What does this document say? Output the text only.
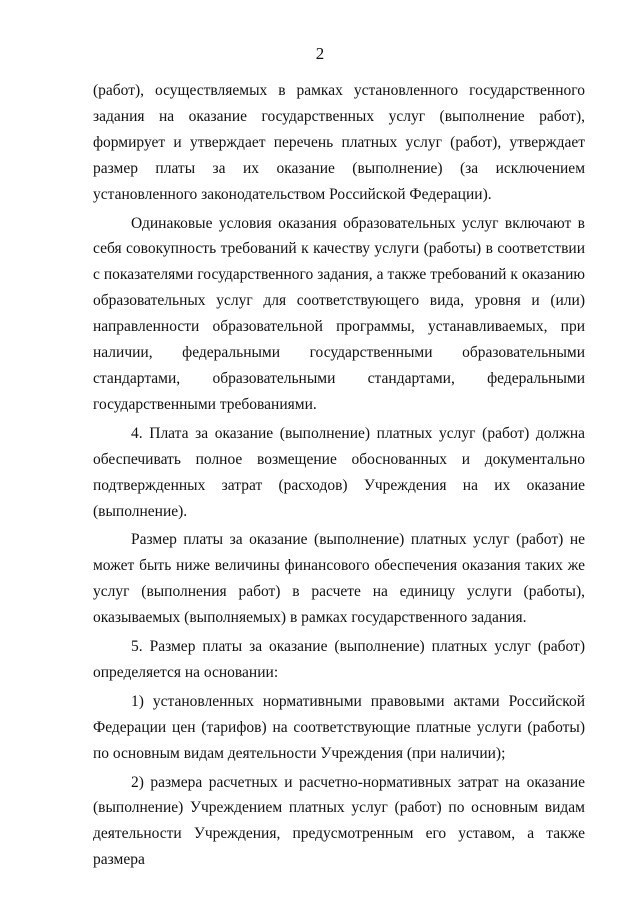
2

(работ), осуществляемых в рамках установленного государственного задания на оказание государственных услуг (выполнение работ), формирует и утверждает перечень платных услуг (работ), утверждает размер платы за их оказание (выполнение) (за исключением установленного законодательством Российской Федерации).

Одинаковые условия оказания образовательных услуг включают в себя совокупность требований к качеству услуги (работы) в соответствии с показателями государственного задания, а также требований к оказанию образовательных услуг для соответствующего вида, уровня и (или) направленности образовательной программы, устанавливаемых, при наличии, федеральными государственными образовательными стандартами, образовательными стандартами, федеральными государственными требованиями.

4. Плата за оказание (выполнение) платных услуг (работ) должна обеспечивать полное возмещение обоснованных и документально подтвержденных затрат (расходов) Учреждения на их оказание (выполнение).

Размер платы за оказание (выполнение) платных услуг (работ) не может быть ниже величины финансового обеспечения оказания таких же услуг (выполнения работ) в расчете на единицу услуги (работы), оказываемых (выполняемых) в рамках государственного задания.

5. Размер платы за оказание (выполнение) платных услуг (работ) определяется на основании:

1) установленных нормативными правовыми актами Российской Федерации цен (тарифов) на соответствующие платные услуги (работы) по основным видам деятельности Учреждения (при наличии);

2) размера расчетных и расчетно-нормативных затрат на оказание (выполнение) Учреждением платных услуг (работ) по основным видам деятельности Учреждения, предусмотренным его уставом, а также размера
